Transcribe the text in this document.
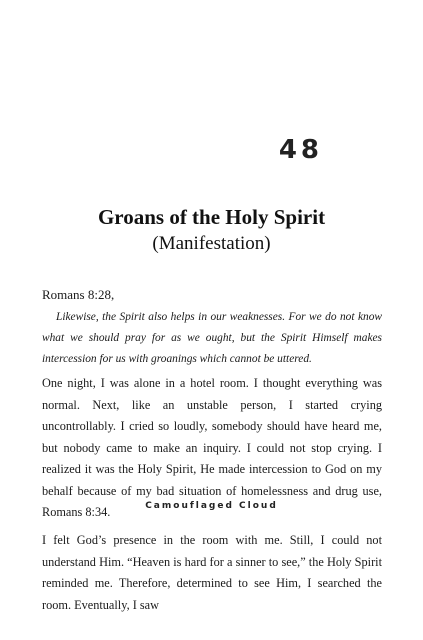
48
Groans of the Holy Spirit
(Manifestation)
Romans 8:28,
Likewise, the Spirit also helps in our weaknesses. For we do not know what we should pray for as we ought, but the Spirit Himself makes intercession for us with groanings which cannot be uttered.

One night, I was alone in a hotel room. I thought everything was normal. Next, like an unstable person, I started crying uncontrollably. I cried so loudly, somebody should have heard me, but nobody came to make an inquiry. I could not stop crying. I realized it was the Holy Spirit, He made intercession to God on my behalf because of my bad situation of homelessness and drug use, Romans 8:34.	Camouflaged Cloud

I felt God’s presence in the room with me. Still, I could not understand Him. “Heaven is hard for a sinner to see,” the Holy Spirit reminded me. Therefore, determined to see Him, I searched the room. Eventually, I saw
